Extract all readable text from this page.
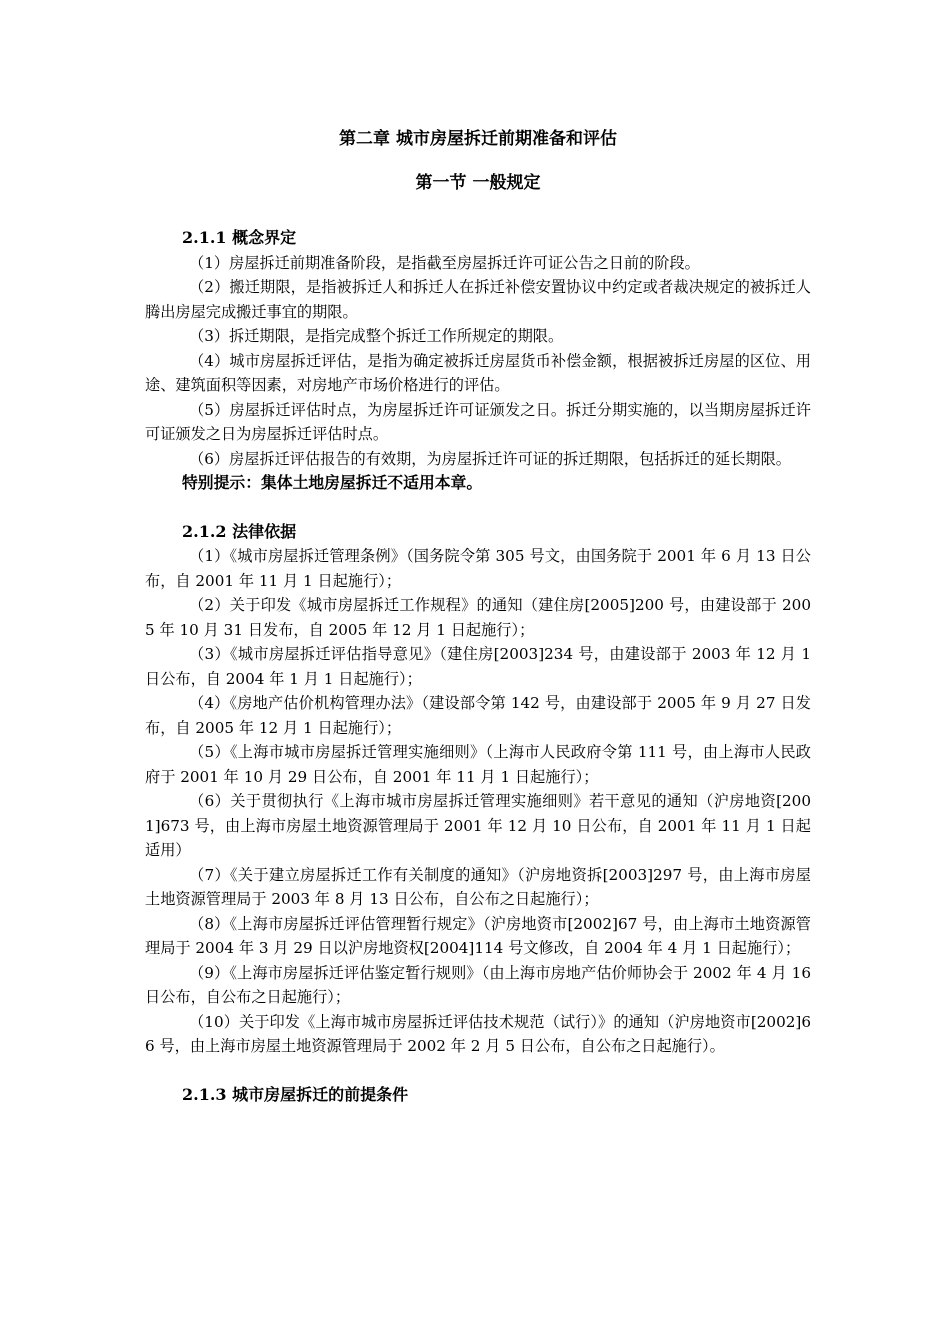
第二章 城市房屋拆迁前期准备和评估
第一节 一般规定
2.1.1 概念界定

（1）房屋拆迁前期准备阶段，是指截至房屋拆迁许可证公告之日前的阶段。

（2）搬迁期限，是指被拆迁人和拆迁人在拆迁补偿安置协议中约定或者裁决规定的被拆迁人腾出房屋完成搬迁事宜的期限。

（3）拆迁期限，是指完成整个拆迁工作所规定的期限。

（4）城市房屋拆迁评估，是指为确定被拆迁房屋货币补偿金额，根据被拆迁房屋的区位、用途、建筑面积等因素，对房地产市场价格进行的评估。

（5）房屋拆迁评估时点，为房屋拆迁许可证颁发之日。拆迁分期实施的，以当期房屋拆迁许可证颁发之日为房屋拆迁评估时点。

（6）房屋拆迁评估报告的有效期，为房屋拆迁许可证的拆迁期限，包括拆迁的延长期限。

特别提示：集体土地房屋拆迁不适用本章。

2.1.2 法律依据

（1）《城市房屋拆迁管理条例》（国务院令第 305 号文，由国务院于 2001 年 6 月 13 日公布，自 2001 年 11 月 1 日起施行）；

（2）关于印发《城市房屋拆迁工作规程》的通知（建住房[2005]200 号，由建设部于 2005 年 10 月 31 日发布，自 2005 年 12 月 1 日起施行）；

（3）《城市房屋拆迁评估指导意见》（建住房[2003]234 号，由建设部于 2003 年 12 月 1 日公布，自 2004 年 1 月 1 日起施行）；

（4）《房地产估价机构管理办法》（建设部令第 142 号，由建设部于 2005 年 9 月 27 日发布，自 2005 年 12 月 1 日起施行）；

（5）《上海市城市房屋拆迁管理实施细则》（上海市人民政府令第 111 号，由上海市人民政府于 2001 年 10 月 29 日公布，自 2001 年 11 月 1 日起施行）；

（6）关于贯彻执行《上海市城市房屋拆迁管理实施细则》若干意见的通知（沪房地资[2001]673 号，由上海市房屋土地资源管理局于 2001 年 12 月 10 日公布，自 2001 年 11 月 1 日起适用）

（7）《关于建立房屋拆迁工作有关制度的通知》（沪房地资拆[2003]297 号，由上海市房屋土地资源管理局于 2003 年 8 月 13 日公布，自公布之日起施行）；

（8）《上海市房屋拆迁评估管理暂行规定》（沪房地资市[2002]67 号，由上海市土地资源管理局于 2004 年 3 月 29 日以沪房地资权[2004]114 号文修改，自 2004 年 4 月 1 日起施行）；

（9）《上海市房屋拆迁评估鉴定暂行规则》（由上海市房地产估价师协会于 2002 年 4 月 16 日公布，自公布之日起施行）；

（10）关于印发《上海市城市房屋拆迁评估技术规范（试行）》的通知（沪房地资市[2002]66 号，由上海市房屋土地资源管理局于 2002 年 2 月 5 日公布，自公布之日起施行）。

2.1.3 城市房屋拆迁的前提条件
